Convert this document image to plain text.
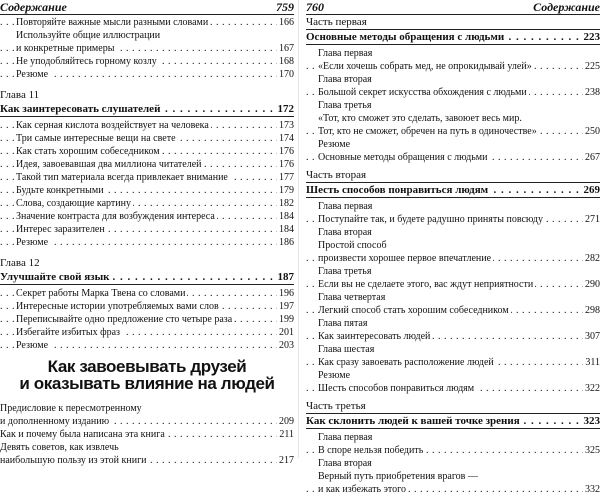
Содержание	759
. . . Повторяйте важные мысли разными словами	166
Используйте общие иллюстрации
. . . и конкретные примеры	167
. . . Не уподобляйтесь горному козлу	168
. . . Резюме	170
Глава 11
. . . Как заинтересовать слушателей	172
. . . Как серная кислота воздействует на человека	173
. . . Три самые интересные вещи на свете	174
. . . Как стать хорошим собеседником	176
. . . Идея, завоевавшая два миллиона читателей	176
. . . Такой тип материала всегда привлекает внимание	177
. . . Будьте конкретными	179
. . . Слова, создающие картину	182
. . . Значение контраста для возбуждения интереса	184
. . . Интерес заразителен	184
. . . Резюме	186
Глава 12
. . . Улучшайте свой язык	187
. . . Секрет работы Марка Твена со словами	196
. . . Интересные истории употребляемых вами слов	197
. . . Переписывайте одно предложение сто четыре раза	199
. . . Избегайте избитых фраз	201
. . . Резюме	203
Как завоевывать друзей
и оказывать влияние на людей
Предисловие к пересмотренному
. . . и дополненному изданию	209
. . . Как и почему была написана эта книга	211
Девять советов, как извлечь
. . . наибольшую пользу из этой книги	217
760	Содержание
Часть первая
. . . Основные методы обращения с людьми	223
Глава первая
. . . «Если хочешь собрать мед, не опрокидывай улей»	225
Глава вторая
. . . Большой секрет искусства обхождения с людьми	238
Глава третья
«Тот, кто сможет это сделать, завоюет весь мир.
. . . Тот, кто не сможет, обречен на путь в одиночестве»	250
Резюме
. . . Основные методы обращения с людьми	267
Часть вторая
. . . Шесть способов понравиться людям	269
Глава первая
. . . Поступайте так, и будете радушно приняты повсюду	271
Глава вторая
Простой способ
. . . произвести хорошее первое впечатление	282
Глава третья
. . . Если вы не сделаете этого, вас ждут неприятности	290
Глава четвертая
. . . Легкий способ стать хорошим собеседником	298
Глава пятая
. . . Как заинтересовать людей	307
Глава шестая
. . . Как сразу завоевать расположение людей	311
Резюме
. . . Шесть способов понравиться людям	322
Часть третья
. . . Как склонить людей к вашей точке зрения	323
Глава первая
. . . В споре нельзя победить	325
Глава вторая
Верный путь приобретения врагов —
. . . и как избежать этого	332
